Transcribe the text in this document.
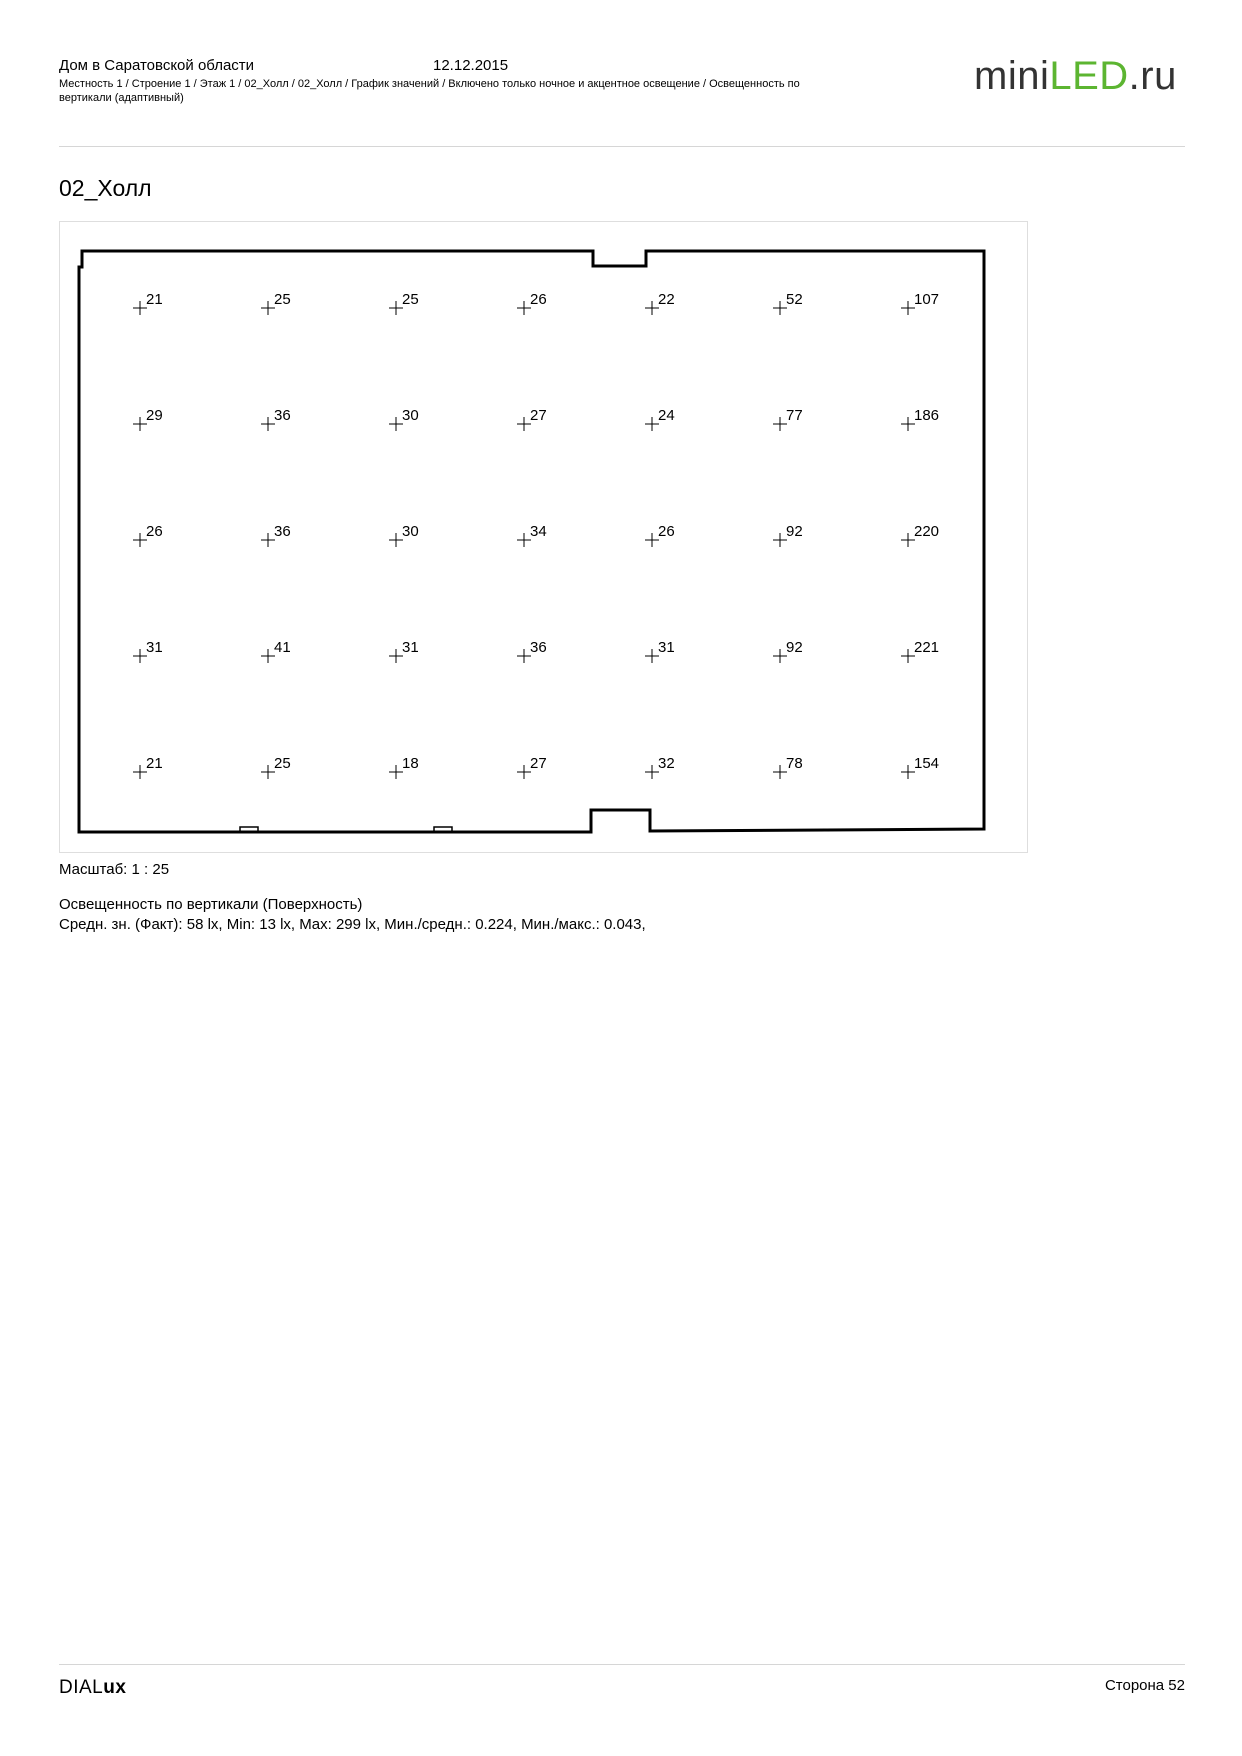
Дом в Саратовской области	12.12.2015
Местность 1 / Строение 1 / Этаж 1 / 02_Холл / 02_Холл / График значений / Включено только ночное и акцентное освещение / Освещенность по вертикали (адаптивный)	miniLED.ru
02_Холл
21	25	25	26	22	52	107
29	36	30	27	24	77	186
26	36	30	34	26	92	220
31	41	31	36	31	92	221
21	25	18	27	32	78	154
Масштаб: 1 : 25
Освещенность по вертикали (Поверхность)
Средн. зн. (Факт): 58 lx, Min: 13 lx, Max: 299 lx, Мин./средн.: 0.224, Мин./макс.: 0.043,
DIALux	Сторона 52
